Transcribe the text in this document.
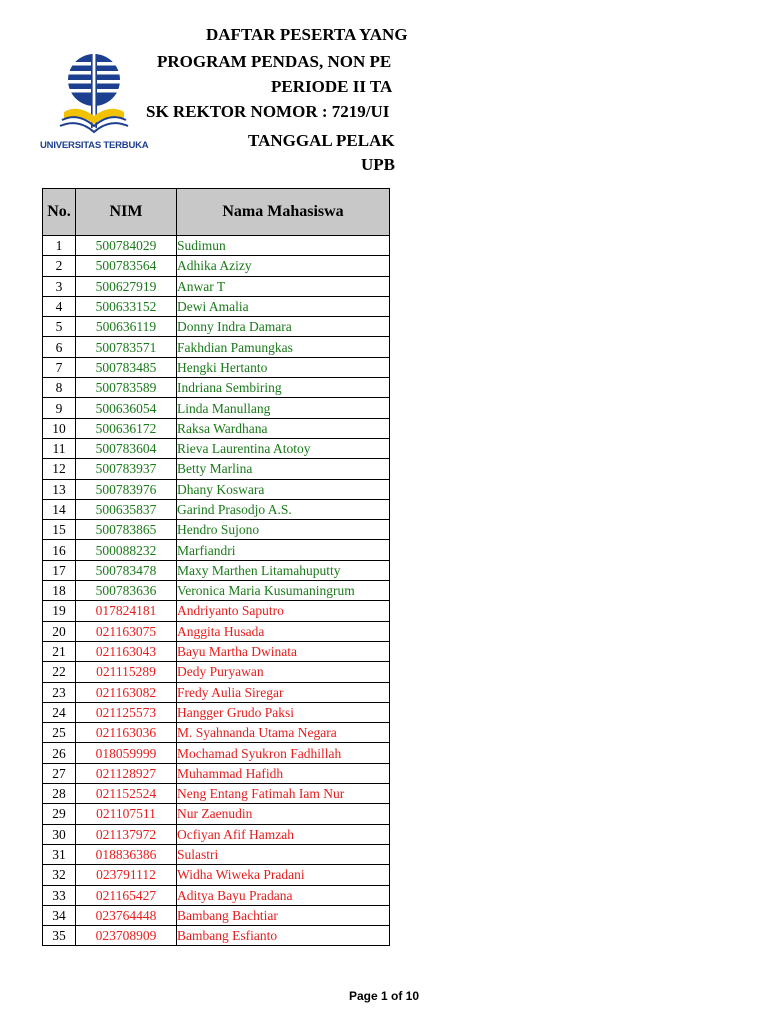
UNIVERSITAS TERBUKA
DAFTAR PESERTA YANG
PROGRAM PENDAS, NON PE
PERIODE II TA
SK REKTOR NOMOR : 7219/UI
TANGGAL PELAK
UPB
No.	NIM	Nama Mahasiswa
1	500784029	Sudimun
2	500783564	Adhika Azizy
3	500627919	Anwar T
4	500633152	Dewi Amalia
5	500636119	Donny Indra Damara
6	500783571	Fakhdian Pamungkas
7	500783485	Hengki Hertanto
8	500783589	Indriana Sembiring
9	500636054	Linda Manullang
10	500636172	Raksa Wardhana
11	500783604	Rieva Laurentina Atotoy
12	500783937	Betty Marlina
13	500783976	Dhany Koswara
14	500635837	Garind Prasodjo A.S.
15	500783865	Hendro Sujono
16	500088232	Marfiandri
17	500783478	Maxy Marthen Litamahuputty
18	500783636	Veronica Maria Kusumaningrum
19	017824181	Andriyanto Saputro
20	021163075	Anggita Husada
21	021163043	Bayu Martha Dwinata
22	021115289	Dedy Puryawan
23	021163082	Fredy Aulia Siregar
24	021125573	Hangger Grudo Paksi
25	021163036	M. Syahnanda Utama Negara
26	018059999	Mochamad Syukron Fadhillah
27	021128927	Muhammad Hafidh
28	021152524	Neng Entang Fatimah Iam Nur
29	021107511	Nur Zaenudin
30	021137972	Ocfiyan Afif Hamzah
31	018836386	Sulastri
32	023791112	Widha Wiweka Pradani
33	021165427	Aditya Bayu Pradana
34	023764448	Bambang Bachtiar
35	023708909	Bambang Esfianto
Page 1 of 10
